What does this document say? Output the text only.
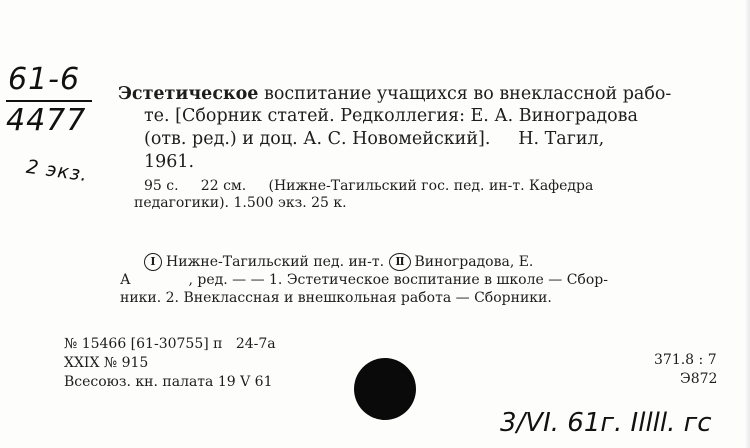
61-6
4477
2 экз.
Эстетическое воспитание учащихся во внеклассной рабо-
те. [Сборник статей. Редколлегия: Е. А. Виноградова
(отв. ред.) и доц. А. С. Новомейский].     Н. Тагил,
1961.
95 с.     22 см.     (Нижне-Тагильский гос. пед. ин-т. Кафедра
педагогики). 1.500 экз. 25 к.
I Нижне-Тагильский пед. ин-т. II Виноградова, Е.
А             , ред. — — 1. Эстетическое воспитание в школе — Сбор-
ники. 2. Внеклассная и внешкольная работа — Сборники.
№ 15466 [61-30755] п   24-7а
XXIX № 915
Всесоюз. кн. палата 19 V 61
371.8 : 7
Э872
3/VI. 61г. Illll. гс
